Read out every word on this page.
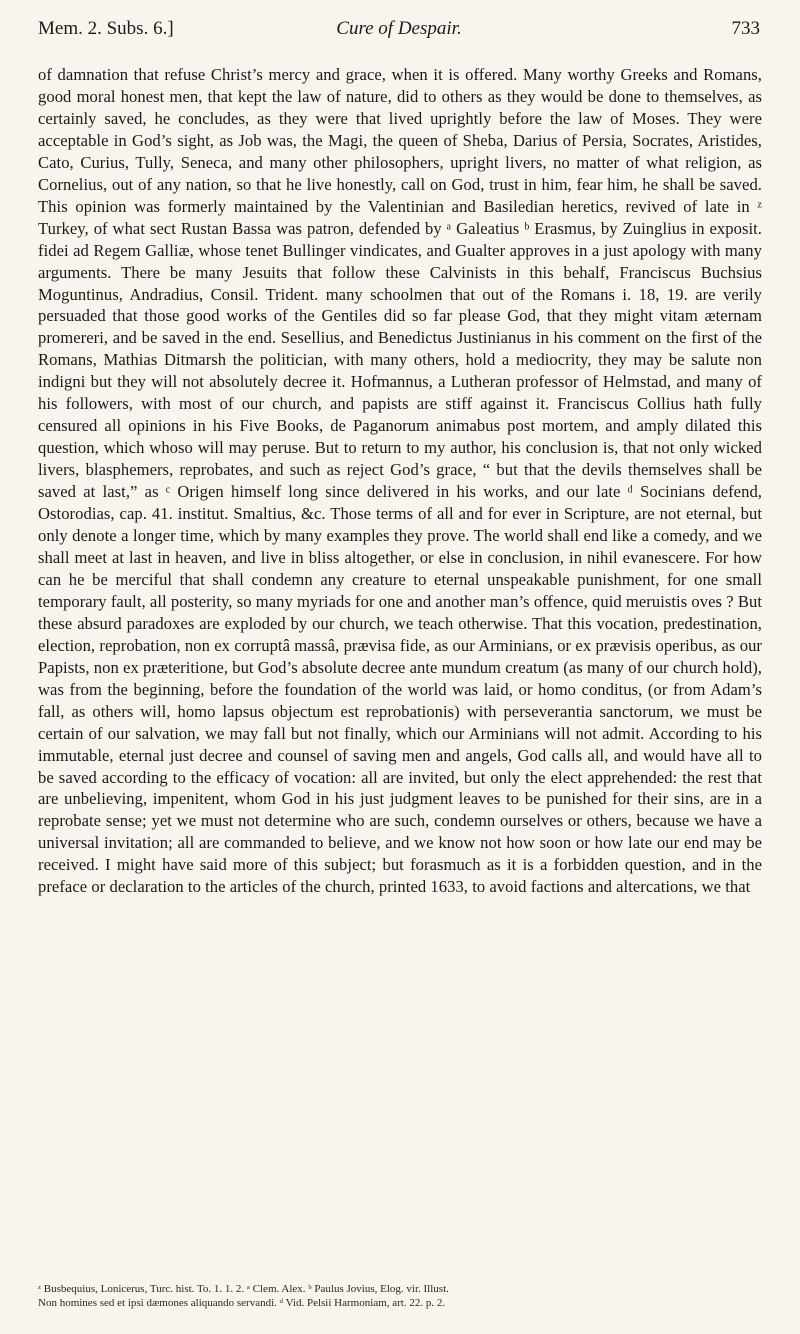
Mem. 2. Subs. 6.]	Cure of Despair.	733

of damnation that refuse Christ’s mercy and grace, when it is offered. Many worthy Greeks and Romans, good moral honest men, that kept the law of nature, did to others as they would be done to themselves, as certainly saved, he concludes, as they were that lived uprightly before the law of Moses. They were acceptable in God’s sight, as Job was, the Magi, the queen of Sheba, Darius of Persia, Socrates, Aristides, Cato, Curius, Tully, Seneca, and many other philosophers, upright livers, no matter of what religion, as Cornelius, out of any nation, so that he live honestly, call on God, trust in him, fear him, he shall be saved. This opinion was formerly maintained by the Valentinian and Basiledian heretics, revived of late in ᶻ Turkey, of what sect Rustan Bassa was patron, defended by ᵃ Galeatius ᵇ Erasmus, by Zuinglius in exposit. fidei ad Regem Galliæ, whose tenet Bullinger vindicates, and Gualter approves in a just apology with many arguments. There be many Jesuits that follow these Calvinists in this behalf, Franciscus Buchsius Moguntinus, Andradius, Consil. Trident. many schoolmen that out of the Romans i. 18, 19. are verily persuaded that those good works of the Gentiles did so far please God, that they might vitam æternam promereri, and be saved in the end. Sesellius, and Benedictus Justinianus in his comment on the first of the Romans, Mathias Ditmarsh the politician, with many others, hold a mediocrity, they may be salute non indigni but they will not absolutely decree it. Hofmannus, a Lutheran professor of Helmstad, and many of his followers, with most of our church, and papists are stiff against it. Franciscus Collius hath fully censured all opinions in his Five Books, de Paganorum animabus post mortem, and amply dilated this question, which whoso will may peruse. But to return to my author, his conclusion is, that not only wicked livers, blasphemers, reprobates, and such as reject God’s grace, “ but that the devils themselves shall be saved at last,” as ᶜ Origen himself long since delivered in his works, and our late ᵈ Socinians defend, Ostorodias, cap. 41. institut. Smaltius, &c. Those terms of all and for ever in Scripture, are not eternal, but only denote a longer time, which by many examples they prove. The world shall end like a comedy, and we shall meet at last in heaven, and live in bliss altogether, or else in conclusion, in nihil evanescere. For how can he be merciful that shall condemn any creature to eternal unspeakable punishment, for one small temporary fault, all posterity, so many myriads for one and another man’s offence, quid meruistis oves ? But these absurd paradoxes are exploded by our church, we teach otherwise. That this vocation, predestination, election, reprobation, non ex corruptâ massâ, prævisa fide, as our Arminians, or ex prævisis operibus, as our Papists, non ex præteritione, but God’s absolute decree ante mundum creatum (as many of our church hold), was from the beginning, before the foundation of the world was laid, or homo conditus, (or from Adam’s fall, as others will, homo lapsus objectum est reprobationis) with perseverantia sanctorum, we must be certain of our salvation, we may fall but not finally, which our Arminians will not admit. According to his immutable, eternal just decree and counsel of saving men and angels, God calls all, and would have all to be saved according to the efficacy of vocation: all are invited, but only the elect apprehended: the rest that are unbelieving, impenitent, whom God in his just judgment leaves to be punished for their sins, are in a reprobate sense; yet we must not determine who are such, condemn ourselves or others, because we have a universal invitation; all are commanded to believe, and we know not how soon or how late our end may be received. I might have said more of this subject; but forasmuch as it is a forbidden question, and in the preface or declaration to the articles of the church, printed 1633, to avoid factions and altercations, we that

ᶻ Busbequius, Lonicerus, Turc. hist. To. 1. 1. 2. ᵃ Clem. Alex. ᵇ Paulus Jovius, Elog. vir. Illust.
Non homines sed et ipsi dæmones aliquando servandi. ᵈ Vid. Pelsii Harmoniam, art. 22. p. 2.
